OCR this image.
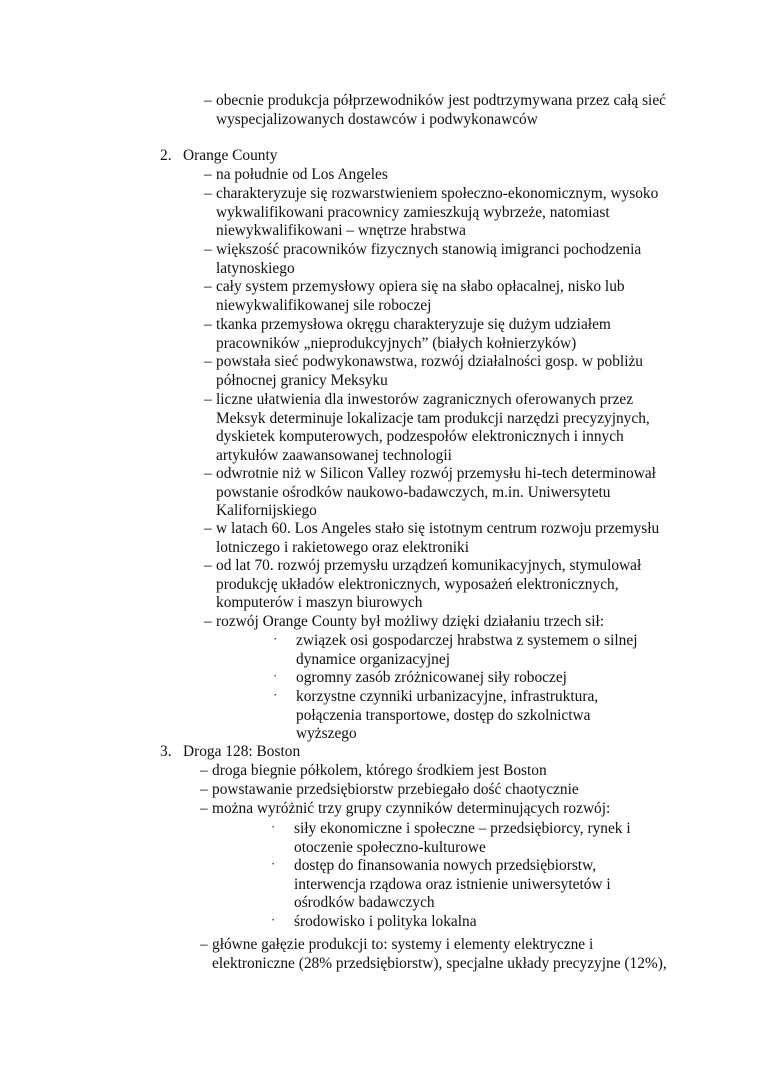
– obecnie produkcja półprzewodników jest podtrzymywana przez całą sieć wyspecjalizowanych dostawców i podwykonawców
2. Orange County
– na południe od Los Angeles
– charakteryzuje się rozwarstwieniem społeczno-ekonomicznym, wysoko wykwalifikowani pracownicy zamieszkują wybrzeże, natomiast niewykwalifikowani – wnętrze hrabstwa
– większość pracowników fizycznych stanowią imigranci pochodzenia latynoskiego
– cały system przemysłowy opiera się na słabo opłacalnej, nisko lub niewykwalifikowanej sile roboczej
– tkanka przemysłowa okręgu charakteryzuje się dużym udziałem pracowników „nieprodukcyjnych” (białych kołnierzyków)
– powstała sieć podwykonawstwa, rozwój działalności gosp. w pobliżu północnej granicy Meksyku
– liczne ułatwienia dla inwestorów zagranicznych oferowanych przez Meksyk determinuje lokalizacje tam produkcji narzędzi precyzyjnych, dyskietek komputerowych, podzespołów elektronicznych i innych artykułów zaawansowanej technologii
– odwrotnie niż w Silicon Valley rozwój przemysłu hi-tech determinował powstanie ośrodków naukowo-badawczych, m.in. Uniwersytetu Kalifornijskiego
– w latach 60. Los Angeles stało się istotnym centrum rozwoju przemysłu lotniczego i rakietowego oraz elektroniki
– od lat 70. rozwój przemysłu urządzeń komunikacyjnych, stymulował produkcję układów elektronicznych, wyposażeń elektronicznych, komputerów i maszyn biurowych
– rozwój Orange County był możliwy dzięki działaniu trzech sił:
·	związek osi gospodarczej hrabstwa z systemem o silnej dynamice organizacyjnej
·	ogromny zasób zróżnicowanej siły roboczej
·	korzystne czynniki urbanizacyjne, infrastruktura, połączenia transportowe, dostęp do szkolnictwa wyższego
3. Droga 128: Boston
– droga biegnie półkolem, którego środkiem jest Boston
– powstawanie przedsiębiorstw przebiegało dość chaotycznie
– można wyróżnić trzy grupy czynników determinujących rozwój:
·	siły ekonomiczne i społeczne – przedsiębiorcy, rynek i otoczenie społeczno-kulturowe
·	dostęp do finansowania nowych przedsiębiorstw, interwencja rządowa oraz istnienie uniwersytetów i ośrodków badawczych
·	środowisko i polityka lokalna
– główne gałęzie produkcji to: systemy i elementy elektryczne i elektroniczne (28% przedsiębiorstw), specjalne układy precyzyjne (12%),
